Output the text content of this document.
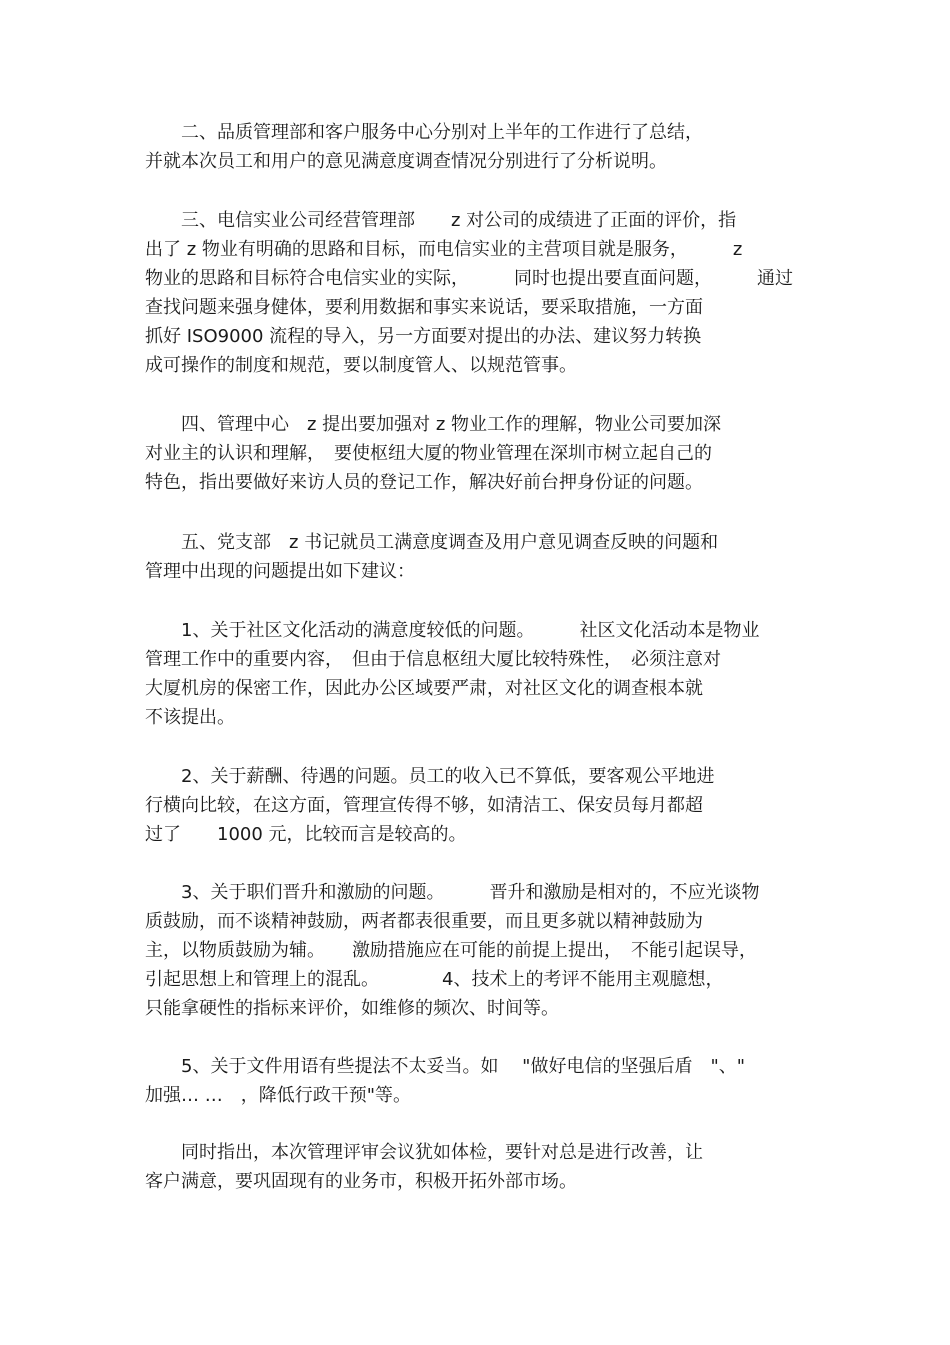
　　二、品质管理部和客户服务中心分别对上半年的工作进行了总结，
并就本次员工和用户的意见满意度调查情况分别进行了分析说明。
　　三、电信实业公司经营管理部　　z 对公司的成绩进了正面的评价，指
出了 z 物业有明确的思路和目标，而电信实业的主营项目就是服务，　　　z
物业的思路和目标符合电信实业的实际，　　　同时也提出要直面问题，　　　通过
查找问题来强身健体，要利用数据和事实来说话，要采取措施，一方面
抓好 ISO9000 流程的导入，另一方面要对提出的办法、建议努力转换
成可操作的制度和规范，要以制度管人、以规范管事。
　　四、管理中心　z 提出要加强对 z 物业工作的理解，物业公司要加深
对业主的认识和理解，　要使枢纽大厦的物业管理在深圳市树立起自己的
特色，指出要做好来访人员的登记工作，解决好前台押身份证的问题。
　　五、党支部　z 书记就员工满意度调查及用户意见调查反映的问题和
管理中出现的问题提出如下建议：
　　1、关于社区文化活动的满意度较低的问题。　　　社区文化活动本是物业
管理工作中的重要内容，　但由于信息枢纽大厦比较特殊性，　必须注意对
大厦机房的保密工作，因此办公区域要严肃，对社区文化的调查根本就
不该提出。
　　2、关于薪酬、待遇的问题。员工的收入已不算低，要客观公平地进
行横向比较，在这方面，管理宣传得不够，如清洁工、保安员每月都超
过了　　1000 元，比较而言是较高的。
　　3、关于职们晋升和激励的问题。　　　晋升和激励是相对的，不应光谈物
质鼓励，而不谈精神鼓励，两者都表很重要，而且更多就以精神鼓励为
主，以物质鼓励为辅。　　激励措施应在可能的前提上提出，　不能引起误导，
引起思想上和管理上的混乱。　　　　4、技术上的考评不能用主观臆想，
只能拿硬性的指标来评价，如维修的频次、时间等。
　　5、关于文件用语有些提法不太妥当。如　 "做好电信的坚强后盾　"、"
加强… …　，降低行政干预"等。
　　同时指出，本次管理评审会议犹如体检，要针对总是进行改善，让
客户满意，要巩固现有的业务市，积极开拓外部市场。
